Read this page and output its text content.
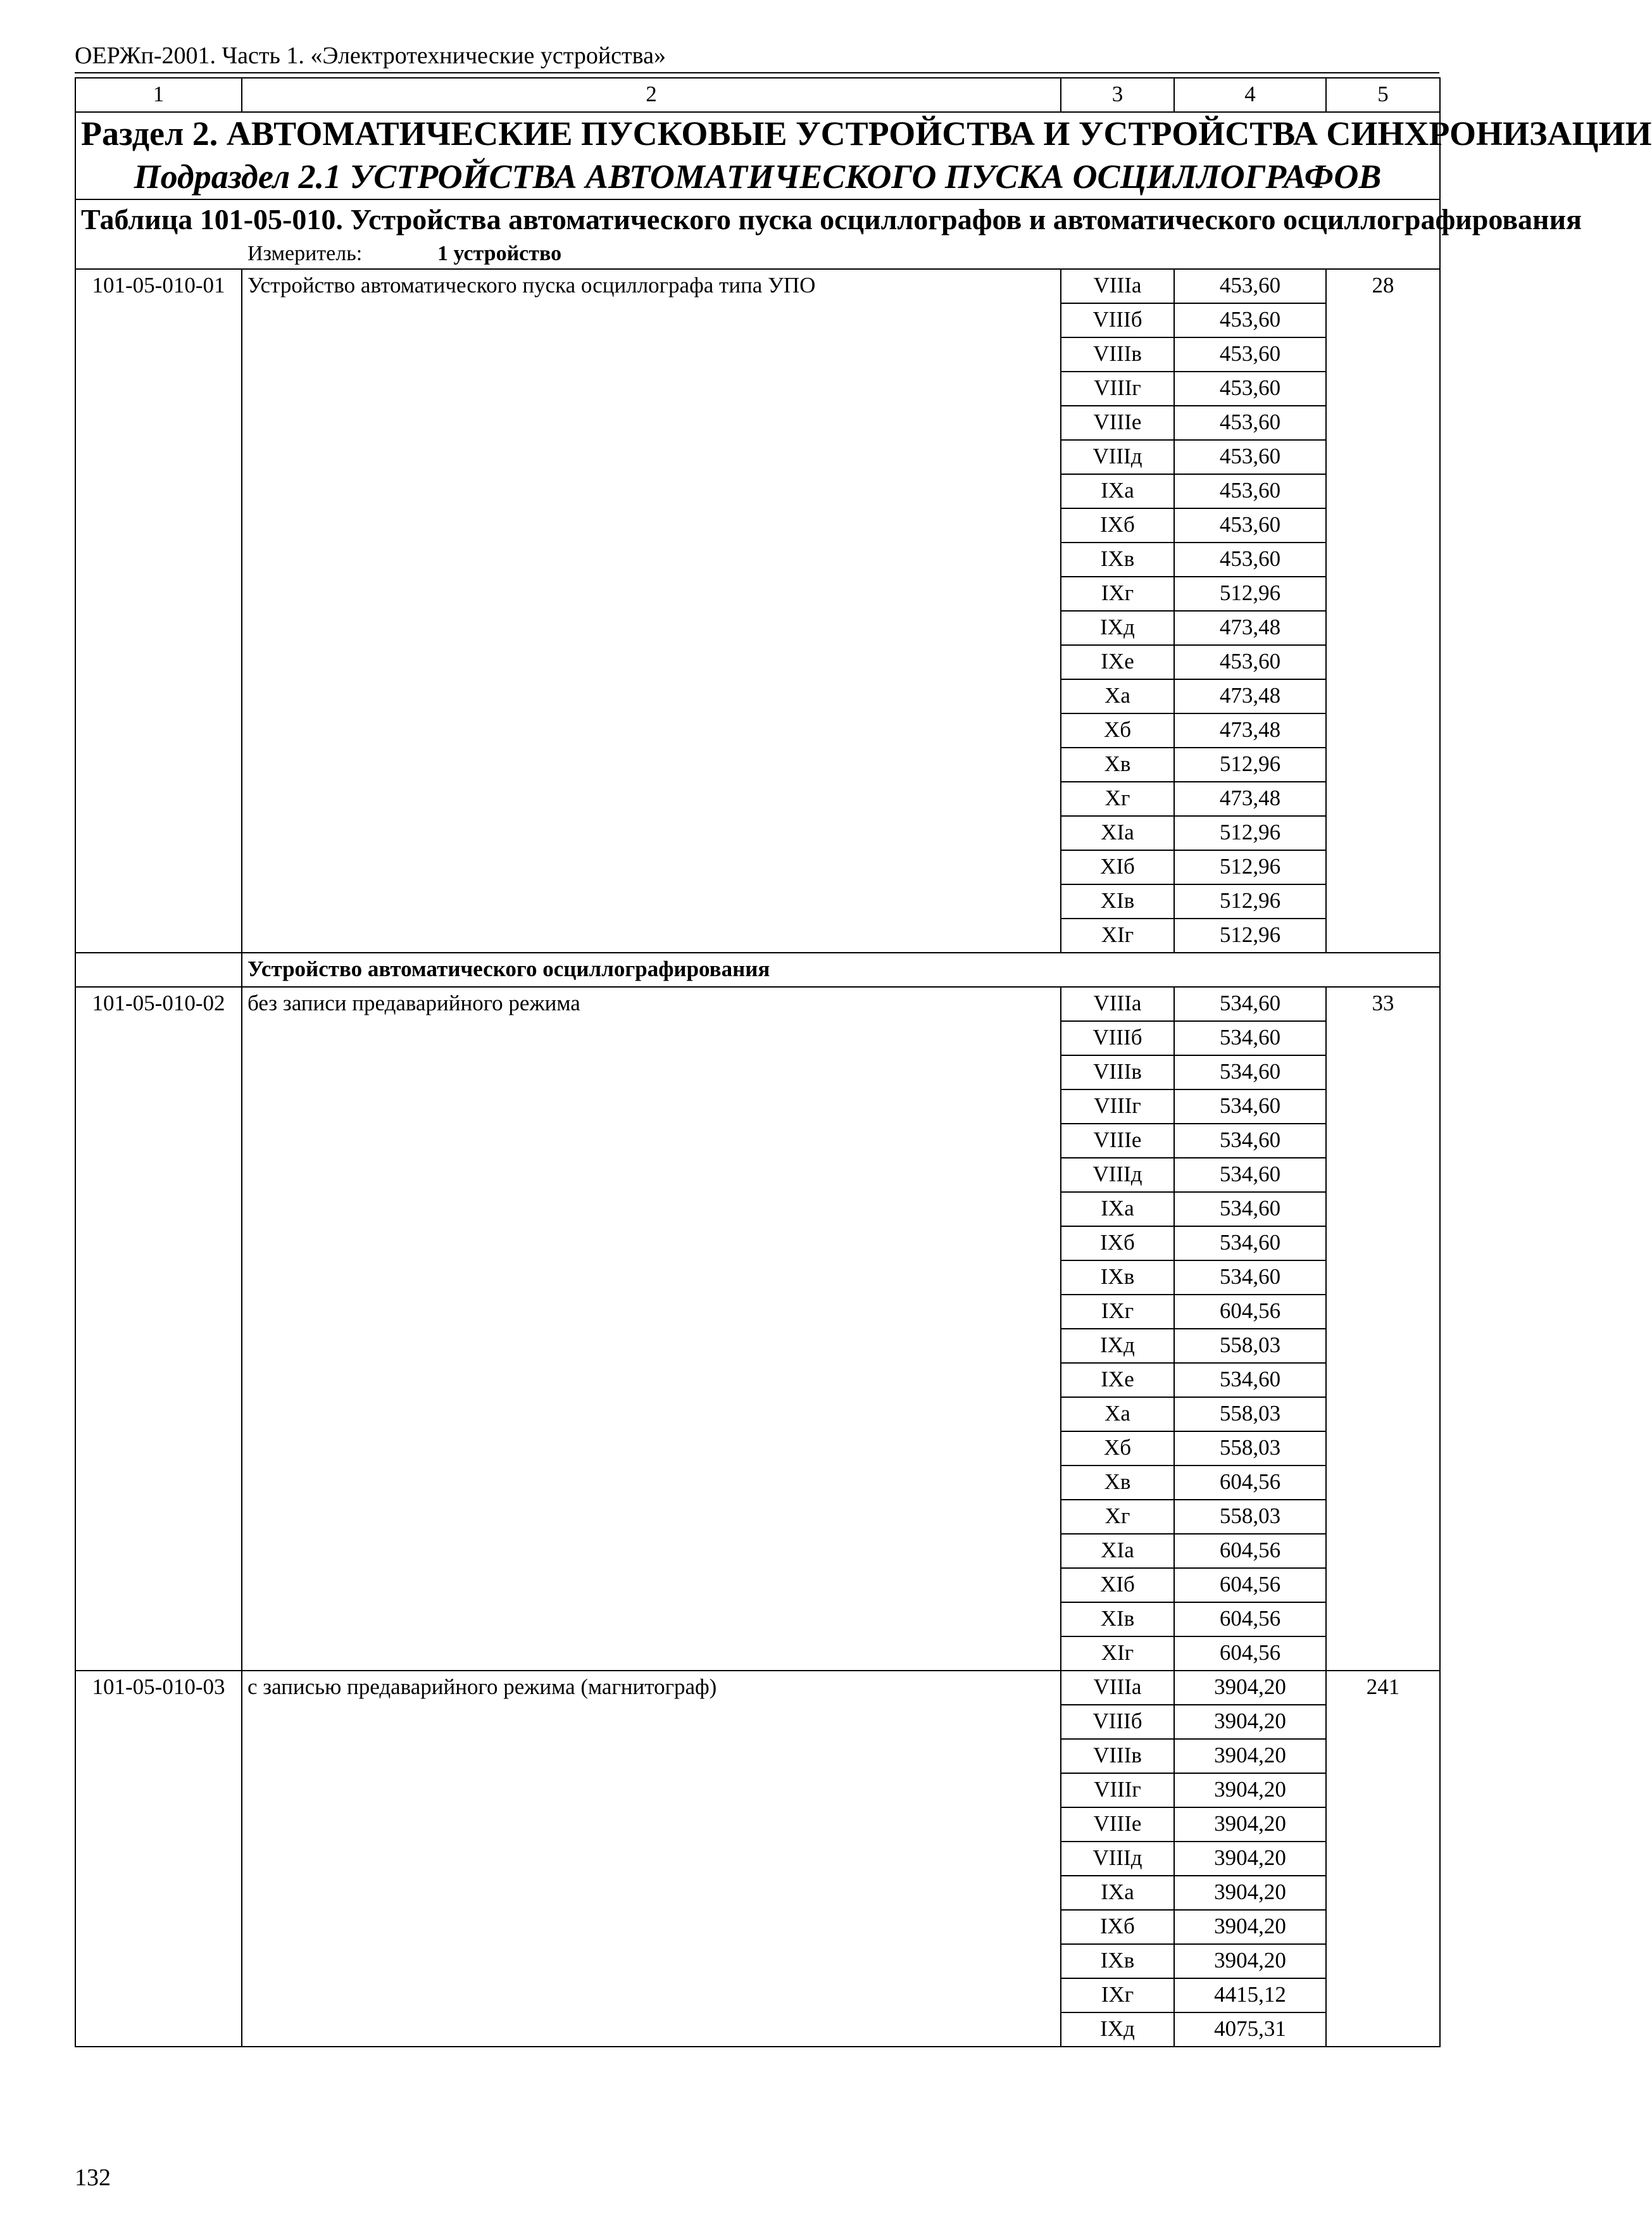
ОЕРЖп-2001. Часть 1. «Электротехнические устройства»
1	2	3	4	5

Раздел 2. АВТОМАТИЧЕСКИЕ ПУСКОВЫЕ УСТРОЙСТВА И УСТРОЙСТВА СИНХРОНИЗАЦИИ
Подраздел 2.1 УСТРОЙСТВА АВТОМАТИЧЕСКОГО ПУСКА ОСЦИЛЛОГРАФОВ				

Таблица 101-05-010. Устройства автоматического пуска осциллографов и автоматического осциллографирования
Измеритель: 1 устройство				

101-05-010-01	Устройство автоматического пуска осциллографа типа УПО	VIIIа	453,60	28
		VIIIб	453,60	
		VIIIв	453,60	
		VIIIг	453,60	
		VIIIе	453,60	
		VIIIд	453,60	
		IXа	453,60	
		IXб	453,60	
		IXв	453,60	
		IXг	512,96	
		IXд	473,48	
		IXе	453,60	
		Xа	473,48	
		Xб	473,48	
		Xв	512,96	
		Xг	473,48	
		XIа	512,96	
		XIб	512,96	
		XIв	512,96	
		XIг	512,96	
	Устройство автоматического осциллографирования			
101-05-010-02	без записи предаварийного режима	VIIIа	534,60	33
		VIIIб	534,60	
		VIIIв	534,60	
		VIIIг	534,60	
		VIIIе	534,60	
		VIIIд	534,60	
		IXа	534,60	
		IXб	534,60	
		IXв	534,60	
		IXг	604,56	
		IXд	558,03	
		IXе	534,60	
		Xа	558,03	
		Xб	558,03	
		Xв	604,56	
		Xг	558,03	
		XIа	604,56	
		XIб	604,56	
		XIв	604,56	
		XIг	604,56	
101-05-010-03	с записью предаварийного режима (магнитограф)	VIIIа	3904,20	241
		VIIIб	3904,20	
		VIIIв	3904,20	
		VIIIг	3904,20	
		VIIIе	3904,20	
		VIIIд	3904,20	
		IXа	3904,20	
		IXб	3904,20	
		IXв	3904,20	
		IXг	4415,12	
		IXд	4075,31	
132
